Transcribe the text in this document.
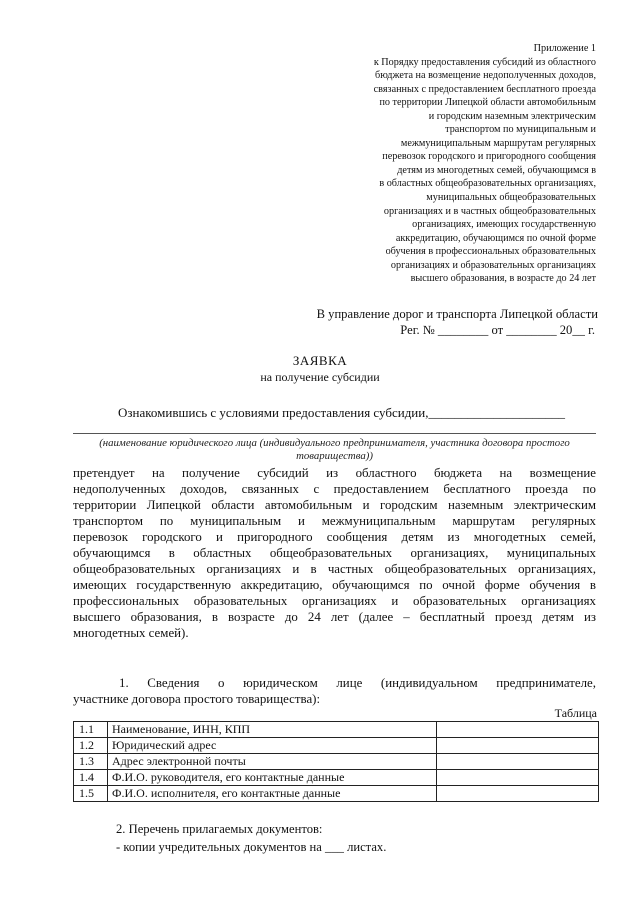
Приложение 1
к Порядку предоставления субсидий из областного
бюджета на возмещение недополученных доходов,
связанных с предоставлением бесплатного проезда
по территории Липецкой области автомобильным
и городским наземным электрическим
транспортом по муниципальным и
межмуниципальным маршрутам регулярных
перевозок городского и пригородного сообщения
детям из многодетных семей, обучающимся в
в областных общеобразовательных организациях,
муниципальных общеобразовательных
организациях и в частных общеобразовательных
организациях, имеющих государственную
аккредитацию, обучающимся по очной форме
обучения в профессиональных образовательных
организациях и образовательных организациях
высшего образования, в возрасте до 24 лет
В управление дорог и транспорта Липецкой области
Рег. № ________ от ________ 20__ г.
ЗАЯВКА
на получение субсидии
Ознакомившись с условиями предоставления субсидии,_____________________
(наименование юридического лица (индивидуального предпринимателя, участника договора простого товарищества))
претендует на получение субсидий из областного бюджета на возмещение
недополученных доходов, связанных с предоставлением бесплатного проезда по
территории Липецкой области автомобильным и городским наземным электрическим
транспортом по муниципальным и межмуниципальным маршрутам регулярных
перевозок городского и пригородного сообщения детям из многодетных семей,
обучающимся в областных общеобразовательных организациях, муниципальных
общеобразовательных организациях и в частных общеобразовательных организациях,
имеющих государственную аккредитацию, обучающимся по очной форме обучения в
профессиональных образовательных организациях и образовательных организациях
высшего образования, в возрасте до 24 лет (далее – бесплатный проезд детям из
многодетных семей).
1. Сведения о юридическом лице (индивидуальном предпринимателе,
участнике договора простого товарищества):
Таблица
1.1	Наименование, ИНН, КПП	
1.2	Юридический адрес	
1.3	Адрес электронной почты	
1.4	Ф.И.О. руководителя, его контактные данные	
1.5	Ф.И.О. исполнителя, его контактные данные	
2. Перечень прилагаемых документов:
- копии учредительных документов на ___ листах.
